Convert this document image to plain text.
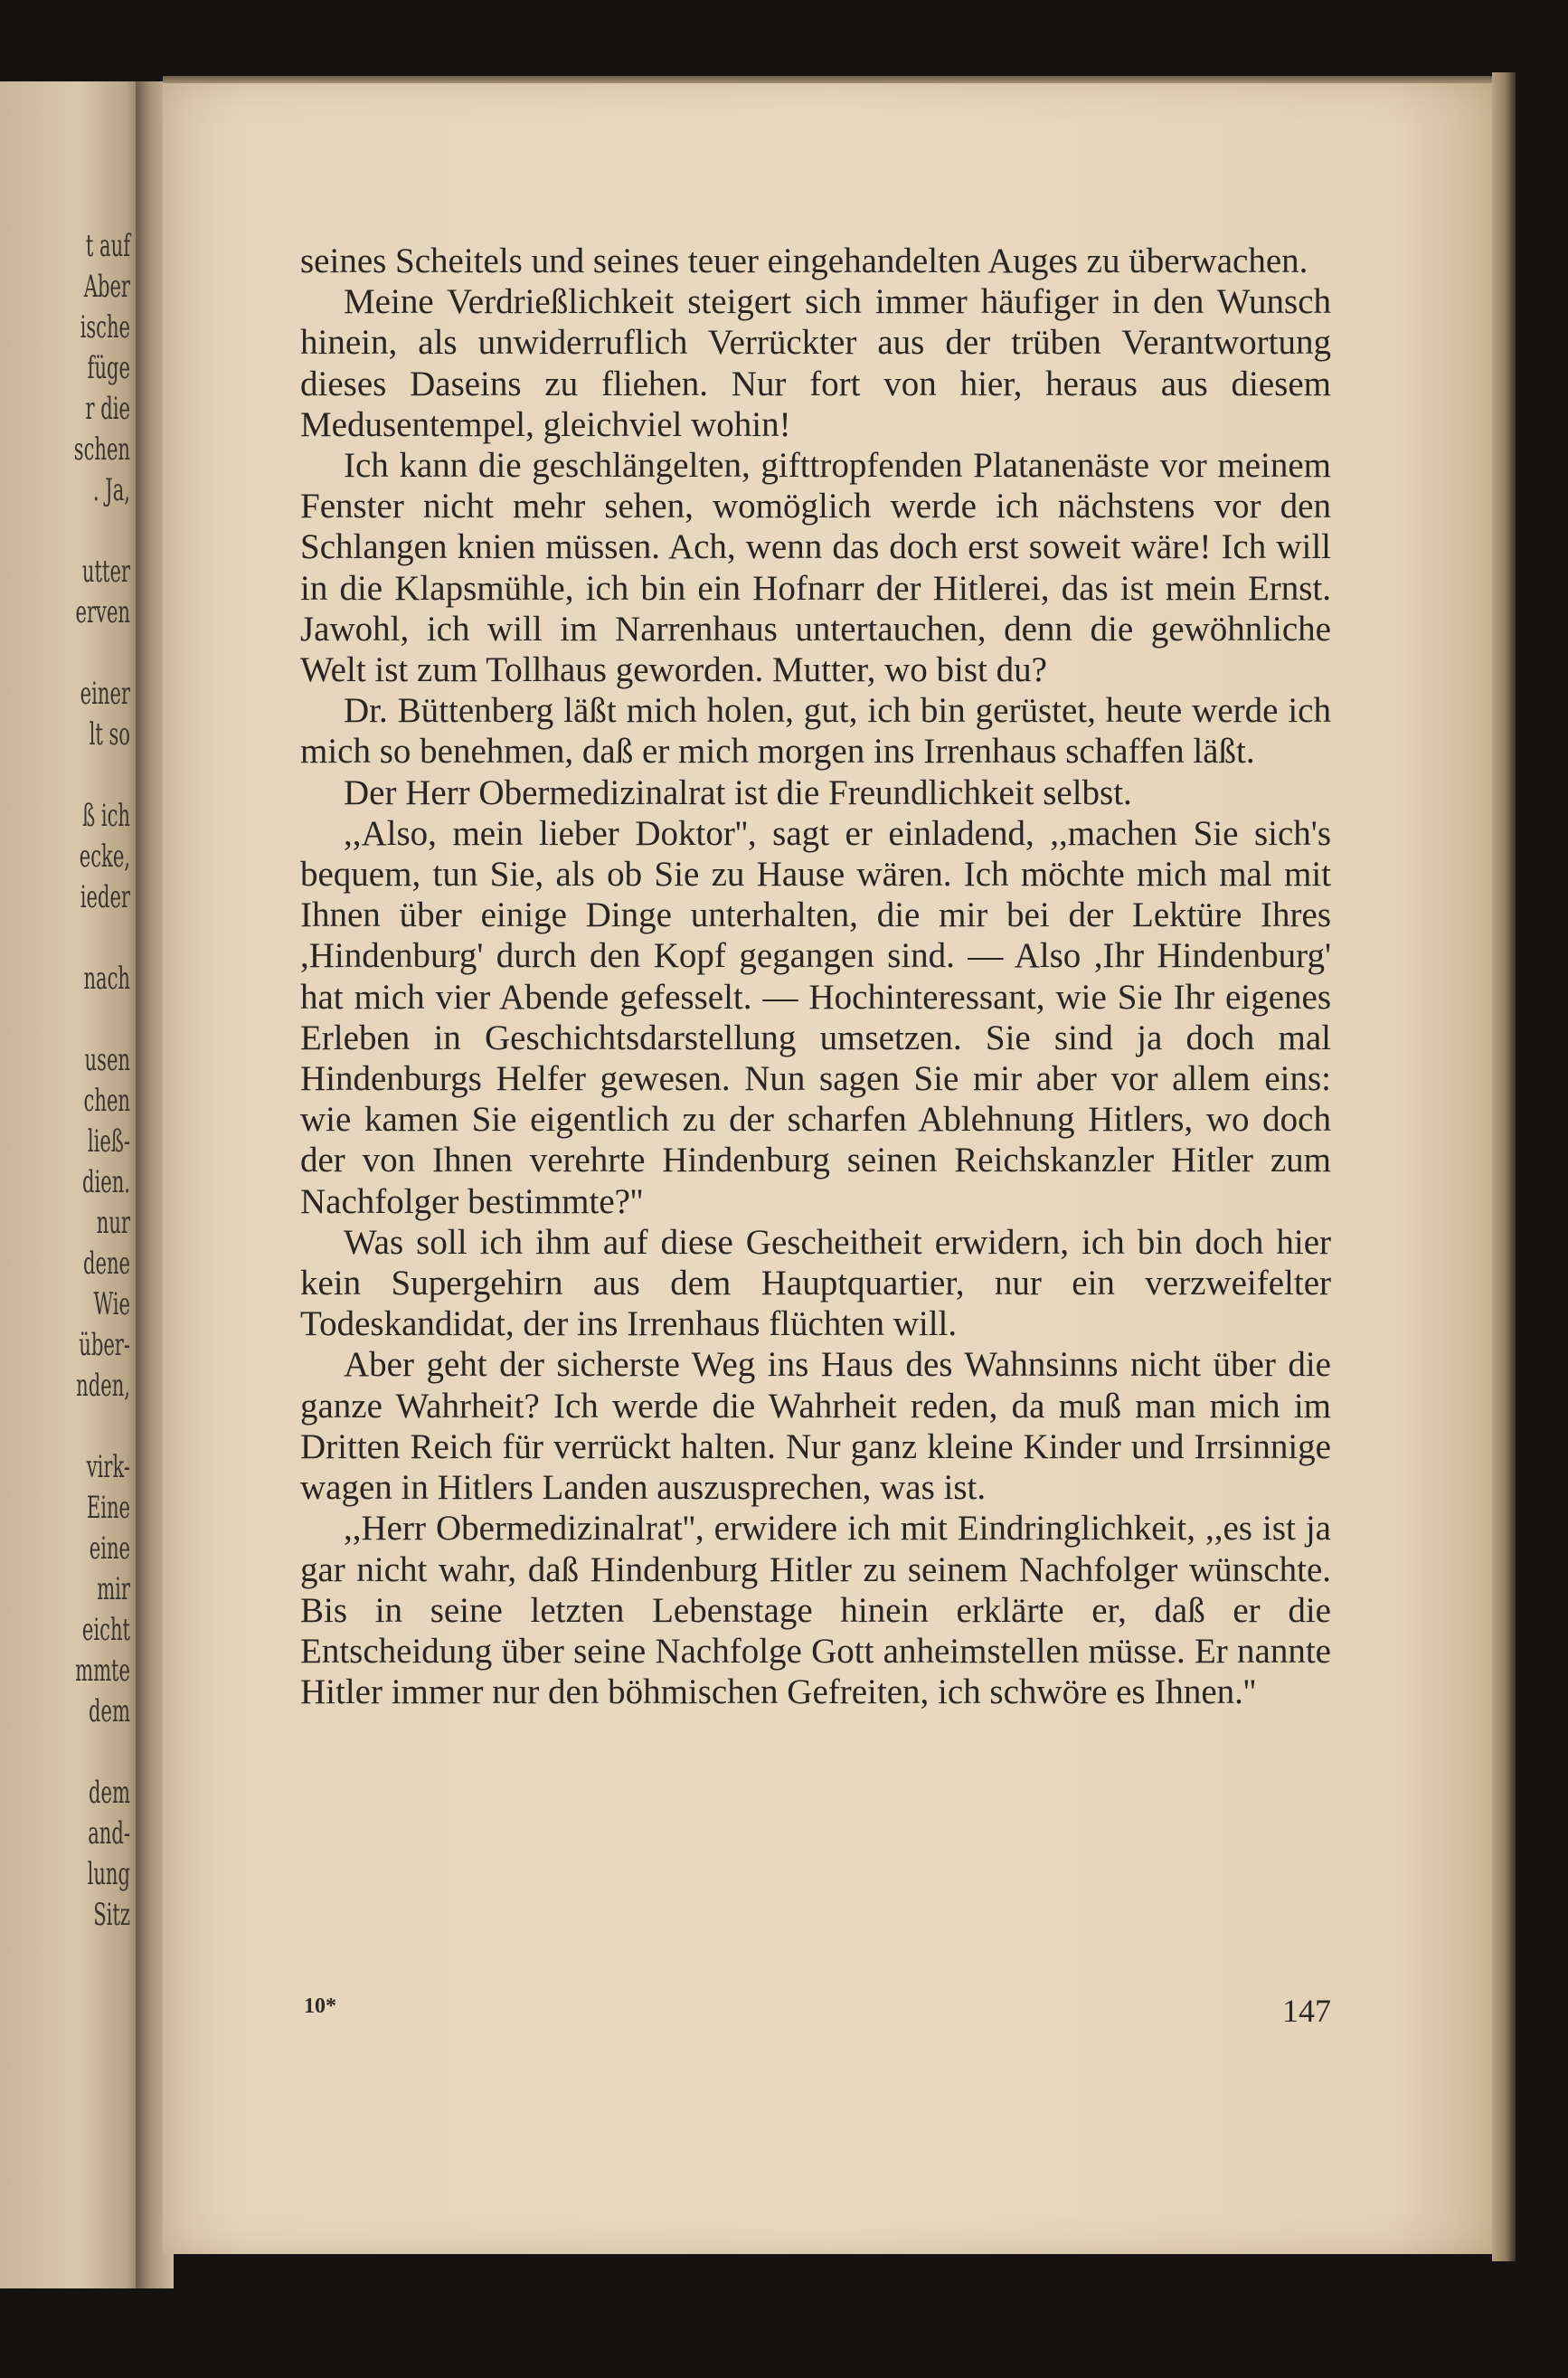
t auf
Aber
ische
füge
r die
schen
. Ja,
utter
erven
einer
lt so
ß ich
ecke,
ieder
nach
usen
chen
ließ-
dien.
nur
dene
Wie
über-
nden,
virk-
Eine
eine
mir
eicht
mmte
dem
dem
and-
lung
Sitz

seines Scheitels und seines teuer eingehandelten Auges zu überwachen.

Meine Verdrießlichkeit steigert sich immer häufiger in den Wunsch hinein, als unwiderruflich Verrückter aus der trüben Verantwortung dieses Daseins zu fliehen. Nur fort von hier, heraus aus diesem Medusentempel, gleichviel wohin!

Ich kann die geschlängelten, gifttropfenden Platanenäste vor meinem Fenster nicht mehr sehen, womöglich werde ich nächstens vor den Schlangen knien müssen. Ach, wenn das doch erst soweit wäre! Ich will in die Klapsmühle, ich bin ein Hofnarr der Hitlerei, das ist mein Ernst. Jawohl, ich will im Narrenhaus untertauchen, denn die gewöhnliche Welt ist zum Tollhaus geworden. Mutter, wo bist du?

Dr. Büttenberg läßt mich holen, gut, ich bin gerüstet, heute werde ich mich so benehmen, daß er mich morgen ins Irrenhaus schaffen läßt.

Der Herr Obermedizinalrat ist die Freundlichkeit selbst.

,,Also, mein lieber Doktor'', sagt er einladend, ,,machen Sie sich's bequem, tun Sie, als ob Sie zu Hause wären. Ich möchte mich mal mit Ihnen über einige Dinge unterhalten, die mir bei der Lektüre Ihres ,Hindenburg' durch den Kopf gegangen sind. — Also ,Ihr Hindenburg' hat mich vier Abende gefesselt. — Hochinteressant, wie Sie Ihr eigenes Erleben in Geschichtsdarstellung umsetzen. Sie sind ja doch mal Hindenburgs Helfer gewesen. Nun sagen Sie mir aber vor allem eins: wie kamen Sie eigentlich zu der scharfen Ablehnung Hitlers, wo doch der von Ihnen verehrte Hindenburg seinen Reichskanzler Hitler zum Nachfolger bestimmte?''

Was soll ich ihm auf diese Gescheitheit erwidern, ich bin doch hier kein Supergehirn aus dem Hauptquartier, nur ein verzweifelter Todeskandidat, der ins Irrenhaus flüchten will.

Aber geht der sicherste Weg ins Haus des Wahnsinns nicht über die ganze Wahrheit? Ich werde die Wahrheit reden, da muß man mich im Dritten Reich für verrückt halten. Nur ganz kleine Kinder und Irrsinnige wagen in Hitlers Landen auszusprechen, was ist.

,,Herr Obermedizinalrat'', erwidere ich mit Eindringlichkeit, ,,es ist ja gar nicht wahr, daß Hindenburg Hitler zu seinem Nachfolger wünschte. Bis in seine letzten Lebenstage hinein erklärte er, daß er die Entscheidung über seine Nachfolge Gott anheimstellen müsse. Er nannte Hitler immer nur den böhmischen Gefreiten, ich schwöre es Ihnen.''

10*	147
